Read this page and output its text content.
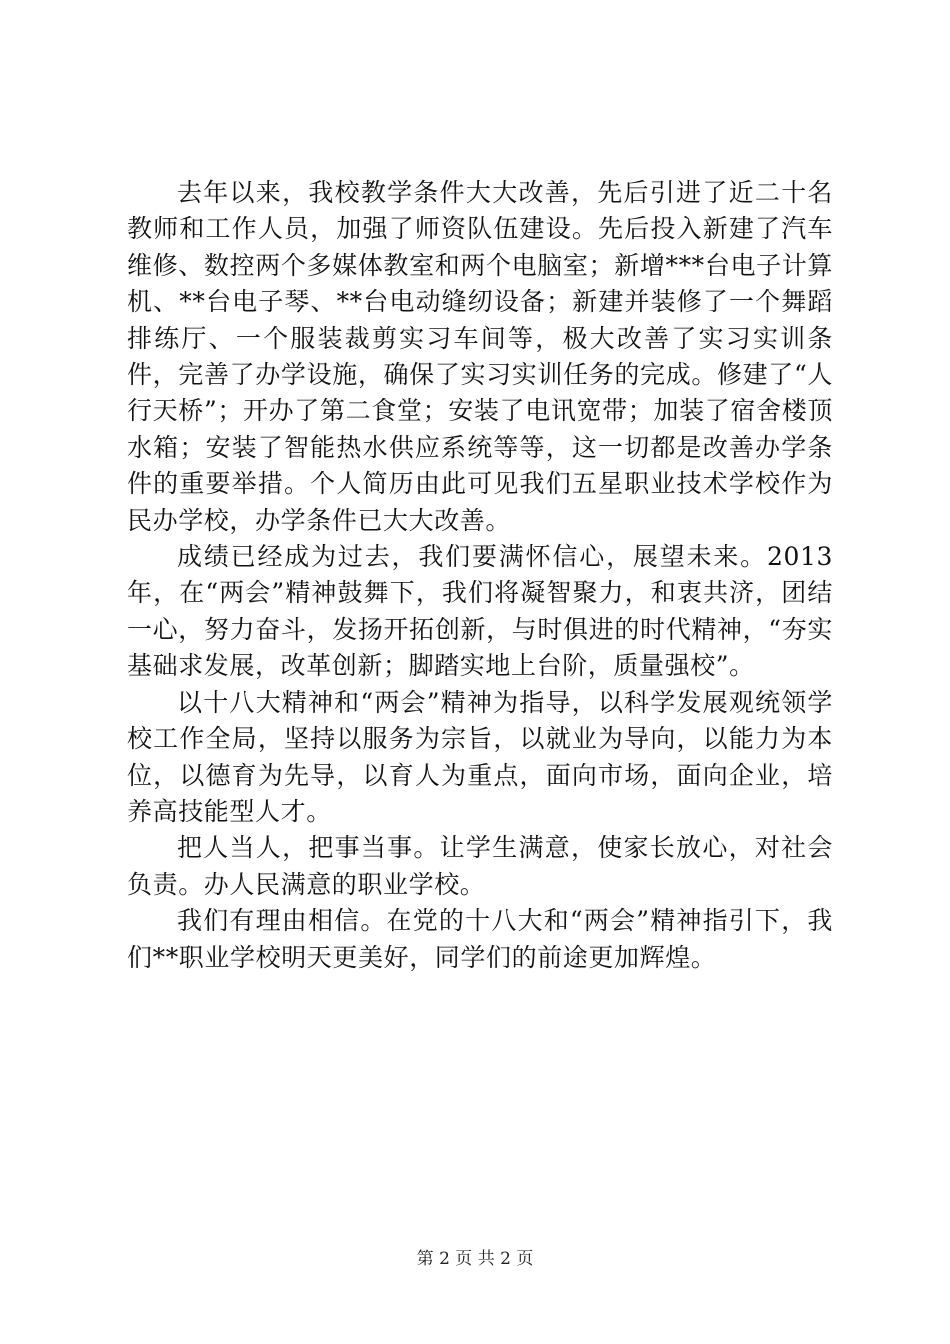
去年以来，我校教学条件大大改善，先后引进了近二十名教师和工作人员，加强了师资队伍建设。先后投入新建了汽车维修、数控两个多媒体教室和两个电脑室；新增***台电子计算机、**台电子琴、**台电动缝纫设备；新建并装修了一个舞蹈排练厅、一个服装裁剪实习车间等，极大改善了实习实训条件，完善了办学设施，确保了实习实训任务的完成。修建了“人行天桥”；开办了第二食堂；安装了电讯宽带；加装了宿舍楼顶水箱；安装了智能热水供应系统等等，这一切都是改善办学条件的重要举措。个人简历由此可见我们五星职业技术学校作为民办学校，办学条件已大大改善。

成绩已经成为过去，我们要满怀信心，展望未来。2013年，在“两会”精神鼓舞下，我们将凝智聚力，和衷共济，团结一心，努力奋斗，发扬开拓创新，与时俱进的时代精神，“夯实基础求发展，改革创新；脚踏实地上台阶，质量强校”。

以十八大精神和“两会”精神为指导，以科学发展观统领学校工作全局，坚持以服务为宗旨，以就业为导向，以能力为本位，以德育为先导，以育人为重点，面向市场，面向企业，培养高技能型人才。

把人当人，把事当事。让学生满意，使家长放心，对社会负责。办人民满意的职业学校。

我们有理由相信。在党的十八大和“两会”精神指引下，我们**职业学校明天更美好，同学们的前途更加辉煌。

第 2 页 共 2 页
